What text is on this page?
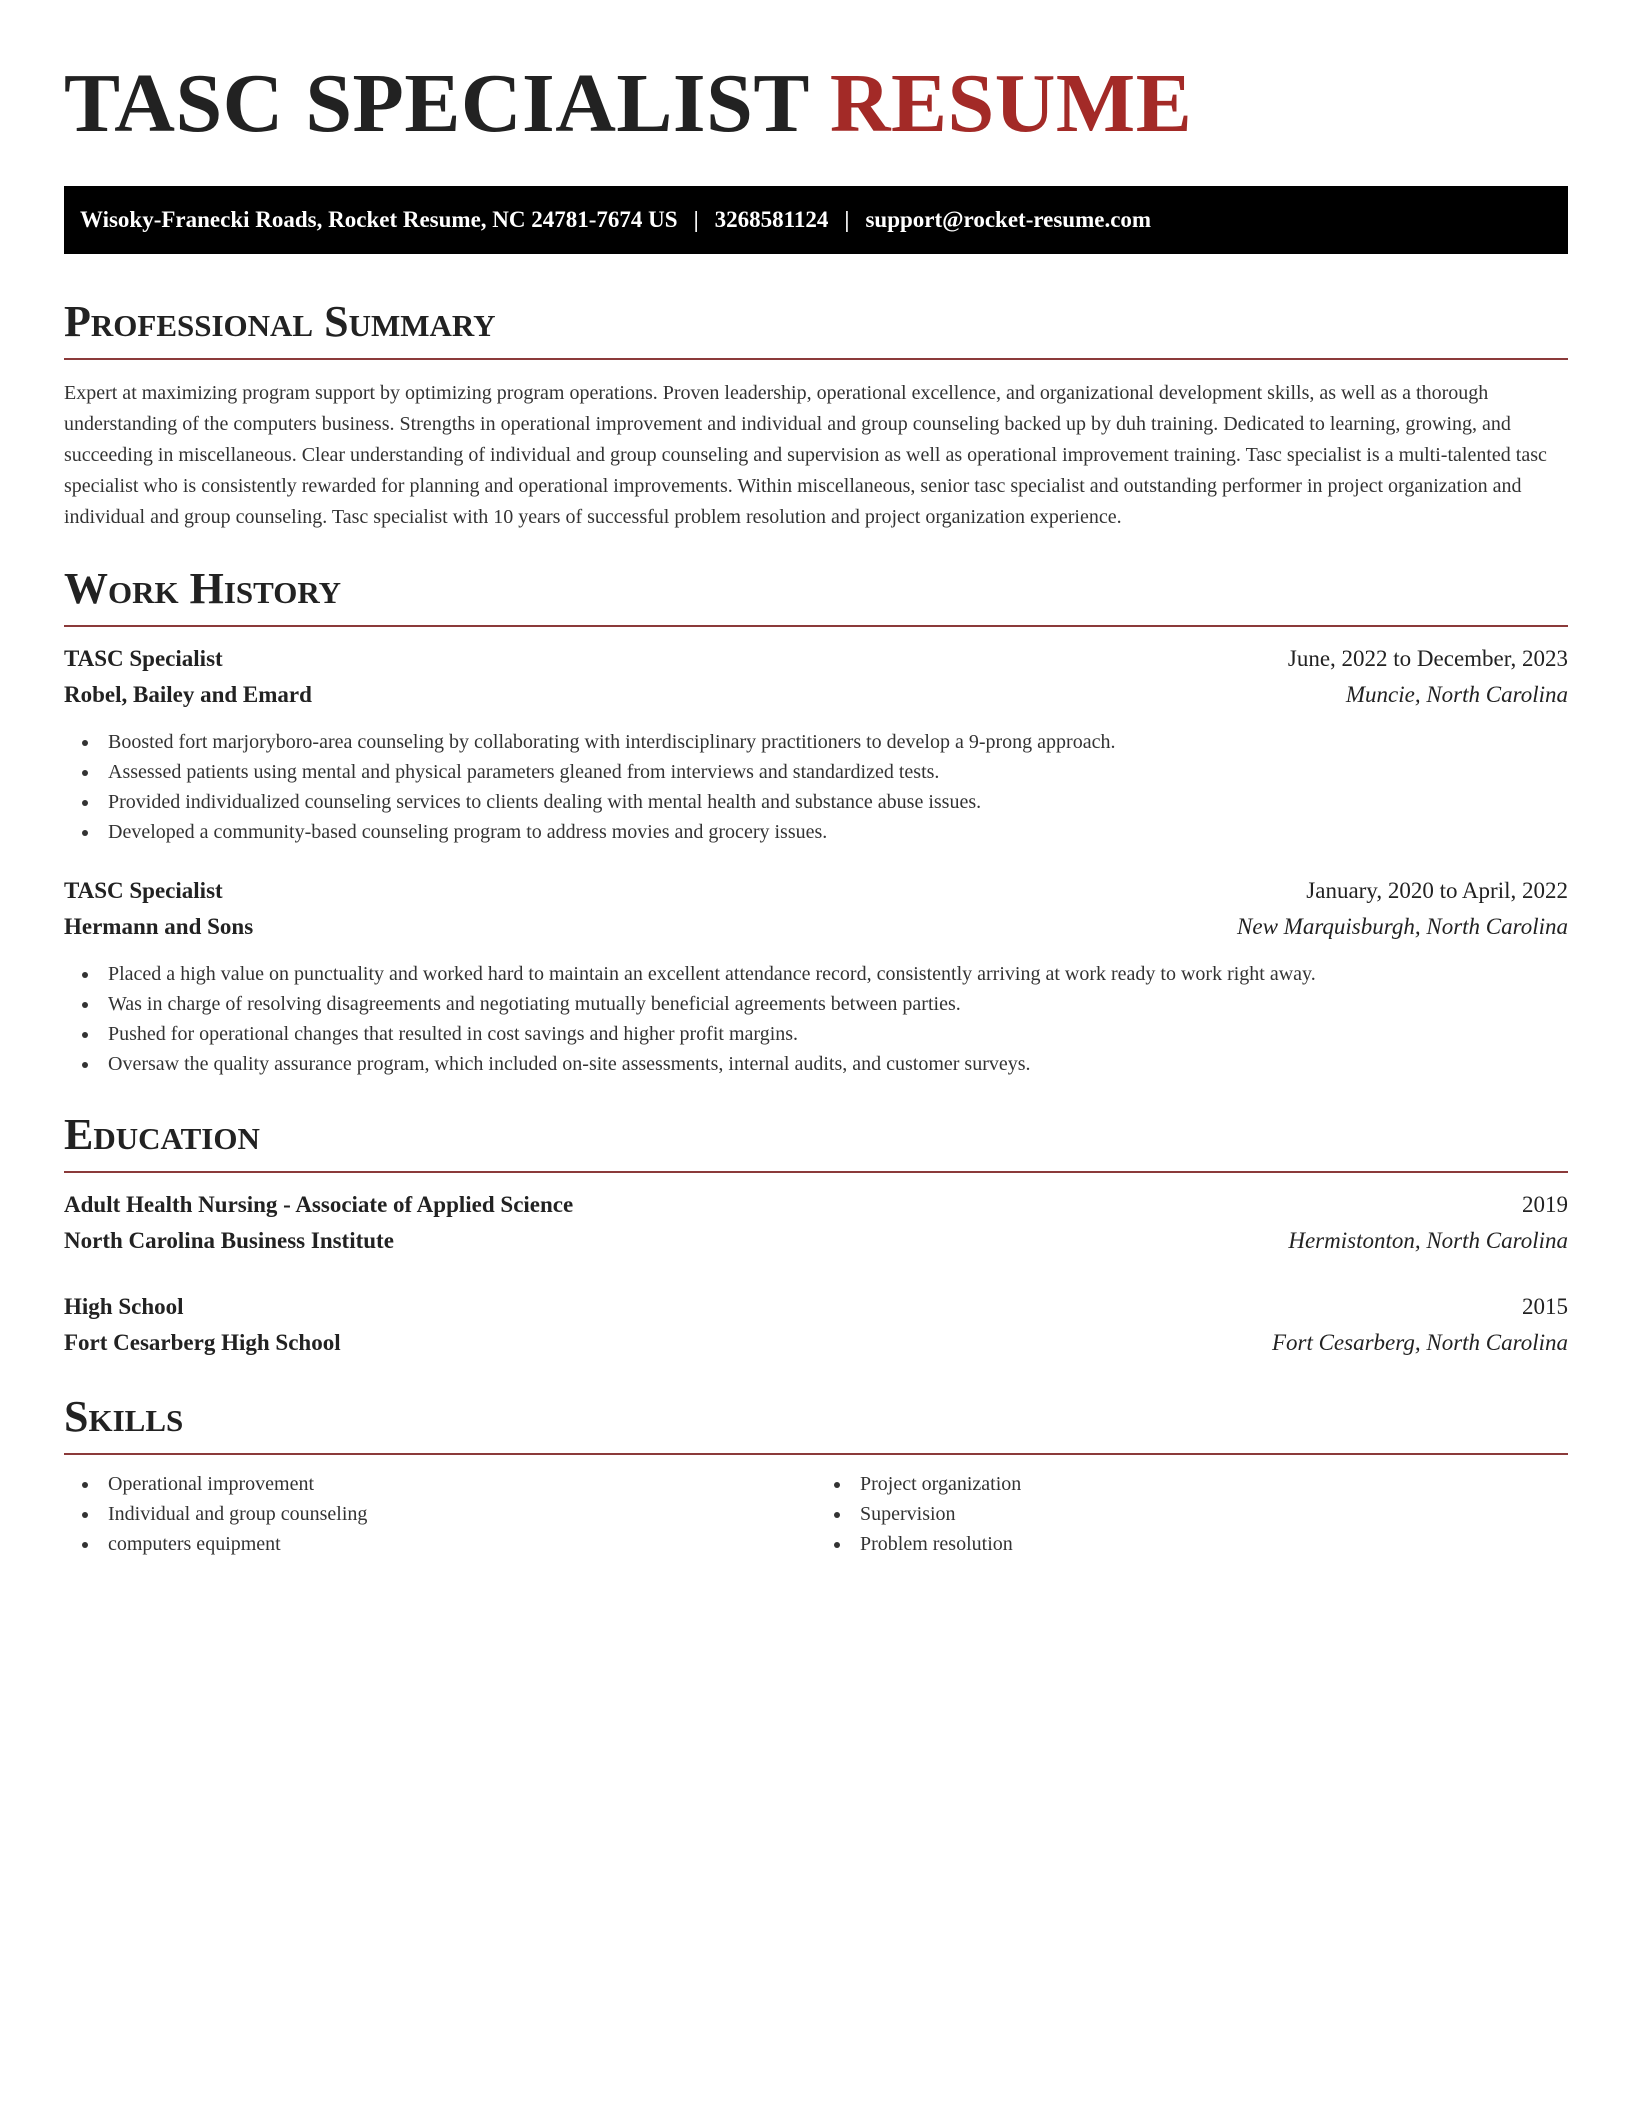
TASC SPECIALIST RESUME
Wisoky-Franecki Roads, Rocket Resume, NC 24781-7674 US | 3268581124 | support@rocket-resume.com
Professional Summary

Expert at maximizing program support by optimizing program operations. Proven leadership, operational excellence, and organizational development skills, as well as a thorough understanding of the computers business. Strengths in operational improvement and individual and group counseling backed up by duh training. Dedicated to learning, growing, and succeeding in miscellaneous. Clear understanding of individual and group counseling and supervision as well as operational improvement training. Tasc specialist is a multi-talented tasc specialist who is consistently rewarded for planning and operational improvements. Within miscellaneous, senior tasc specialist and outstanding performer in project organization and individual and group counseling. Tasc specialist with 10 years of successful problem resolution and project organization experience.

Work History
TASC Specialist	June, 2022 to December, 2023
Robel, Bailey and Emard	Muncie, North Carolina
Boosted fort marjoryboro-area counseling by collaborating with interdisciplinary practitioners to develop a 9-prong approach.
Assessed patients using mental and physical parameters gleaned from interviews and standardized tests.
Provided individualized counseling services to clients dealing with mental health and substance abuse issues.
Developed a community-based counseling program to address movies and grocery issues.
TASC Specialist	January, 2020 to April, 2022
Hermann and Sons	New Marquisburgh, North Carolina
Placed a high value on punctuality and worked hard to maintain an excellent attendance record, consistently arriving at work ready to work right away.
Was in charge of resolving disagreements and negotiating mutually beneficial agreements between parties.
Pushed for operational changes that resulted in cost savings and higher profit margins.
Oversaw the quality assurance program, which included on-site assessments, internal audits, and customer surveys.
Education
Adult Health Nursing - Associate of Applied Science	2019
North Carolina Business Institute	Hermistonton, North Carolina
High School	2015
Fort Cesarberg High School	Fort Cesarberg, North Carolina
Skills
Operational improvement
Individual and group counseling
computers equipment
Project organization
Supervision
Problem resolution
